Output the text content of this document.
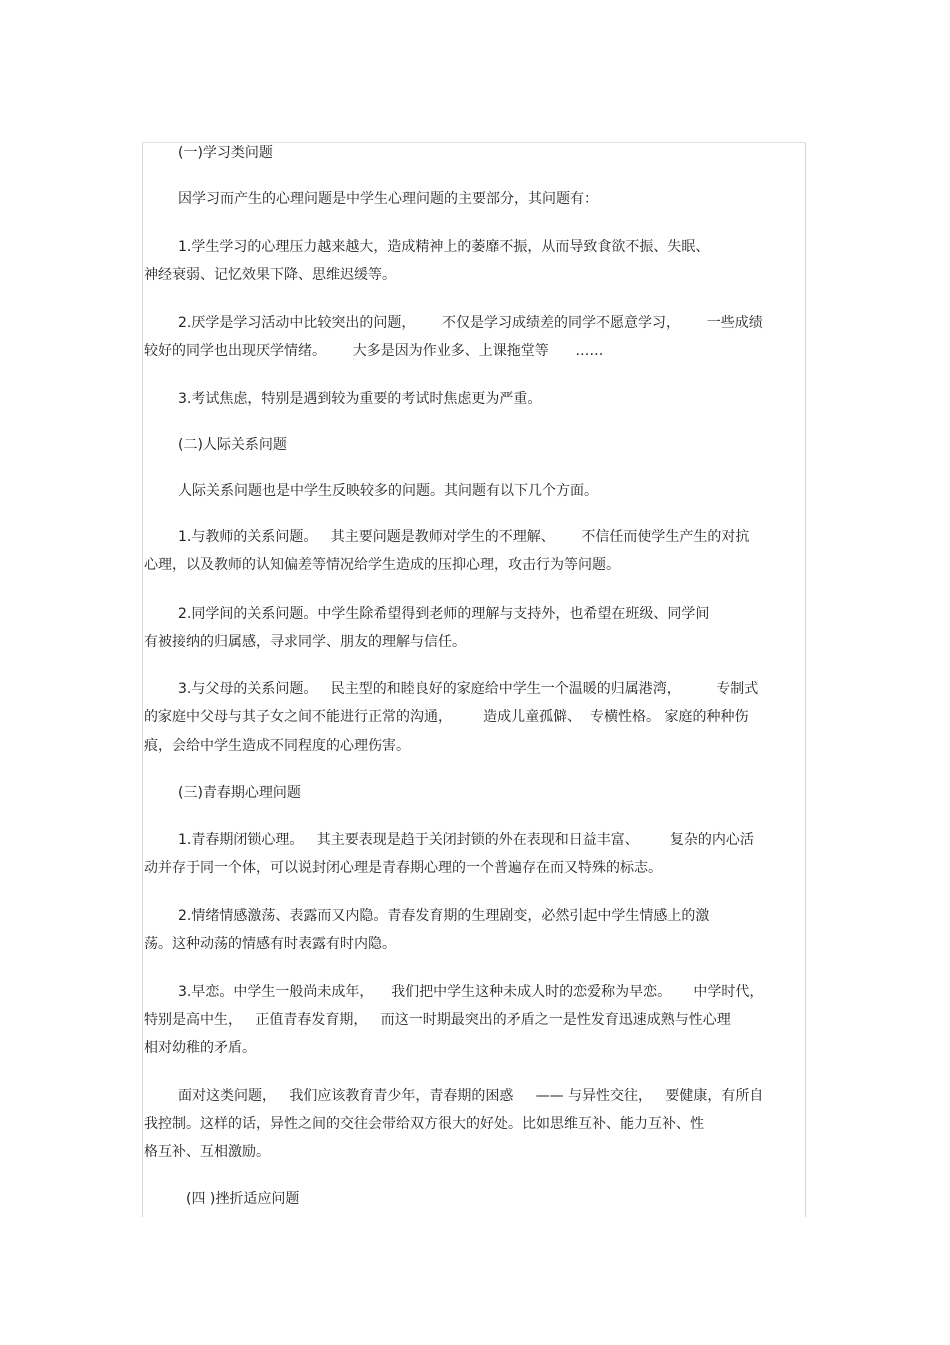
(一)学习类问题
因学习而产生的心理问题是中学生心理问题的主要部分，其问题有：
1.学生学习的心理压力越来越大，造成精神上的萎靡不振，从而导致食欲不振、失眠、
神经衰弱、记忆效果下降、思维迟缓等。
2.厌学是学习活动中比较突出的问题，      不仅是学习成绩差的同学不愿意学习，      一些成绩
较好的同学也出现厌学情绪。      大多是因为作业多、上课拖堂等      ……
3.考试焦虑，特别是遇到较为重要的考试时焦虑更为严重。
(二)人际关系问题
人际关系问题也是中学生反映较多的问题。其问题有以下几个方面。
1.与教师的关系问题。   其主要问题是教师对学生的不理解、      不信任而使学生产生的对抗
心理，以及教师的认知偏差等情况给学生造成的压抑心理，攻击行为等问题。
2.同学间的关系问题。中学生除希望得到老师的理解与支持外，也希望在班级、同学间
有被接纳的归属感，寻求同学、朋友的理解与信任。
3.与父母的关系问题。   民主型的和睦良好的家庭给中学生一个温暖的归属港湾，        专制式
的家庭中父母与其子女之间不能进行正常的沟通，       造成儿童孤僻、  专横性格。 家庭的种种伤
痕，会给中学生造成不同程度的心理伤害。
(三)青春期心理问题
1.青春期闭锁心理。   其主要表现是趋于关闭封锁的外在表现和日益丰富、       复杂的内心活
动并存于同一个体，可以说封闭心理是青春期心理的一个普遍存在而又特殊的标志。
2.情绪情感激荡、表露而又内隐。青春发育期的生理剧变，必然引起中学生情感上的激
荡。这种动荡的情感有时表露有时内隐。
3.早恋。中学生一般尚未成年，    我们把中学生这种未成人时的恋爱称为早恋。     中学时代，
特别是高中生，   正值青春发育期，   而这一时期最突出的矛盾之一是性发育迅速成熟与性心理
相对幼稚的矛盾。
面对这类问题，   我们应该教育青少年，青春期的困惑     —— 与异性交往，   要健康，有所自
我控制。这样的话，异性之间的交往会带给双方很大的好处。比如思维互补、能力互补、性
格互补、互相激励。
(四 )挫折适应问题
